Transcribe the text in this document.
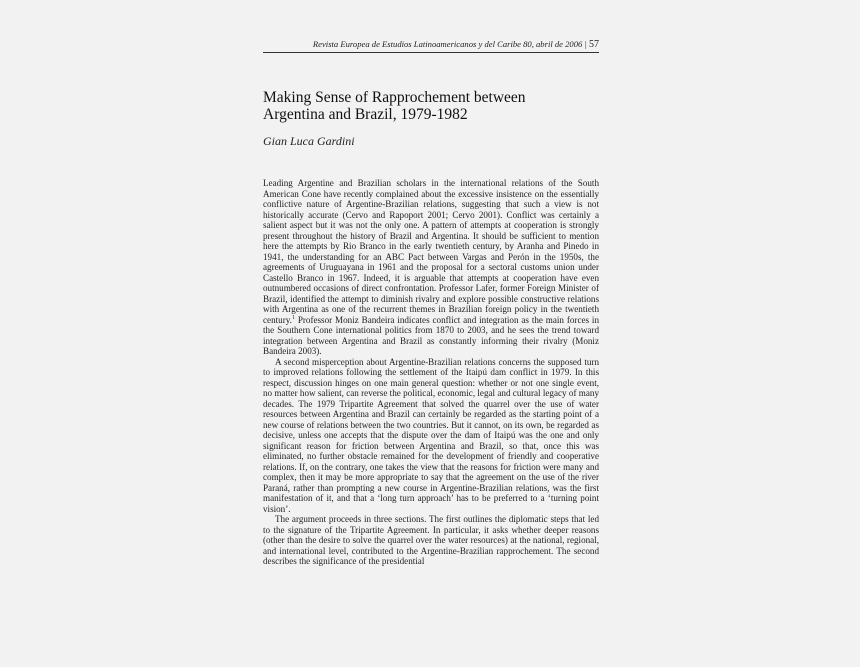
Revista Europea de Estudios Latinoamericanos y del Caribe 80, abril de 2006 | 57
Making Sense of Rapprochement between
Argentina and Brazil, 1979-1982
Gian Luca Gardini

Leading Argentine and Brazilian scholars in the international relations of the South American Cone have recently complained about the excessive insistence on the essentially conflictive nature of Argentine-Brazilian relations, suggesting that such a view is not historically accurate (Cervo and Rapoport 2001; Cervo 2001). Conflict was certainly a salient aspect but it was not the only one. A pattern of attempts at cooperation is strongly present throughout the history of Brazil and Argentina. It should be sufficient to mention here the attempts by Rio Branco in the early twentieth century, by Aranha and Pinedo in 1941, the understanding for an ABC Pact between Vargas and Perón in the 1950s, the agreements of Uruguayana in 1961 and the proposal for a sectoral customs union under Castello Branco in 1967. Indeed, it is arguable that attempts at cooperation have even outnumbered occasions of direct confrontation. Professor Lafer, former Foreign Minister of Brazil, identified the attempt to diminish rivalry and explore possible constructive relations with Argentina as one of the recurrent themes in Brazilian foreign policy in the twentieth century.$^1$ Professor Moniz Bandeira indicates conflict and integration as the main forces in the Southern Cone international politics from 1870 to 2003, and he sees the trend toward integration between Argentina and Brazil as constantly informing their rivalry (Moniz Bandeira 2003).

A second misperception about Argentine-Brazilian relations concerns the supposed turn to improved relations following the settlement of the Itaipú dam conflict in 1979. In this respect, discussion hinges on one main general question: whether or not one single event, no matter how salient, can reverse the political, economic, legal and cultural legacy of many decades. The 1979 Tripartite Agreement that solved the quarrel over the use of water resources between Argentina and Brazil can certainly be regarded as the starting point of a new course of relations between the two countries. But it cannot, on its own, be regarded as decisive, unless one accepts that the dispute over the dam of Itaipú was the one and only significant reason for friction between Argentina and Brazil, so that, once this was eliminated, no further obstacle remained for the development of friendly and cooperative relations. If, on the contrary, one takes the view that the reasons for friction were many and complex, then it may be more appropriate to say that the agreement on the use of the river Paraná, rather than prompting a new course in Argentine-Brazilian relations, was the first manifestation of it, and that a ‘long turn approach’ has to be preferred to a ‘turning point vision’.

The argument proceeds in three sections. The first outlines the diplomatic steps that led to the signature of the Tripartite Agreement. In particular, it asks whether deeper reasons (other than the desire to solve the quarrel over the water resources) at the national, regional, and international level, contributed to the Argentine-Brazilian rapprochement. The second describes the significance of the presidential
